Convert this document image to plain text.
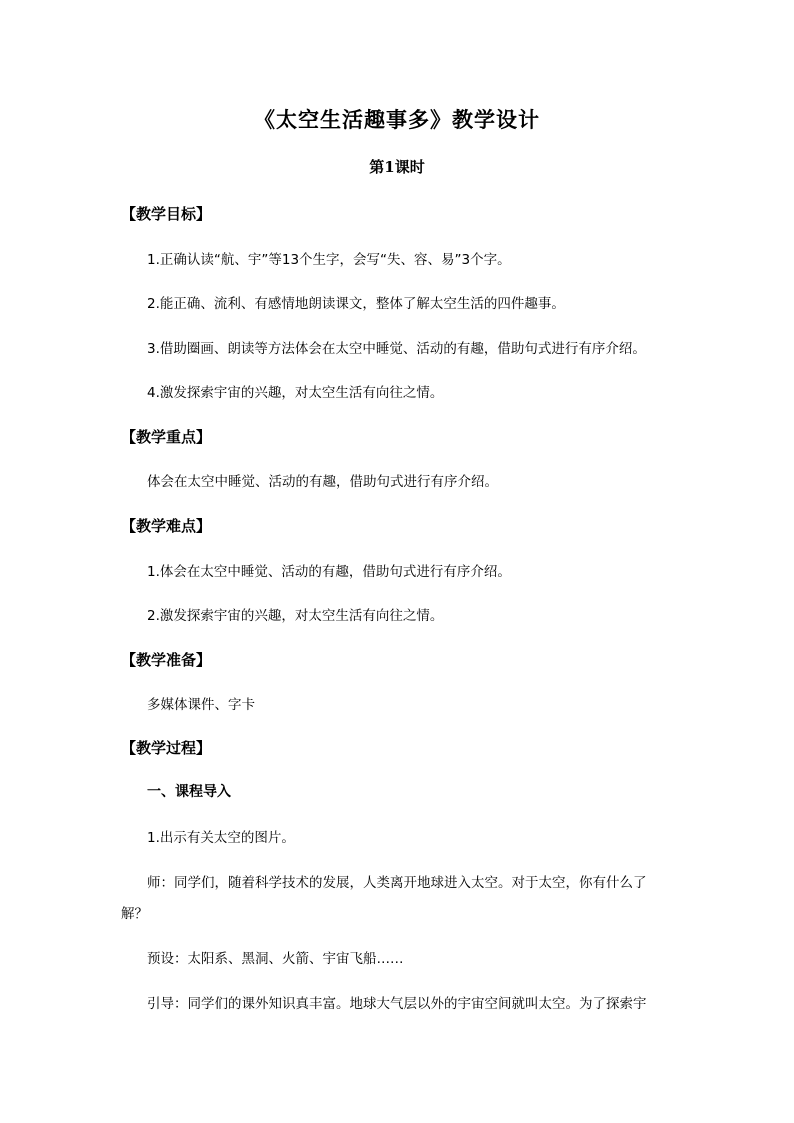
《太空生活趣事多》教学设计
第1课时
【教学目标】
1.正确认读“航、宇”等13个生字，会写“失、容、易”3个字。
2.能正确、流利、有感情地朗读课文，整体了解太空生活的四件趣事。
3.借助圈画、朗读等方法体会在太空中睡觉、活动的有趣，借助句式进行有序介绍。
4.激发探索宇宙的兴趣，对太空生活有向往之情。
【教学重点】
体会在太空中睡觉、活动的有趣，借助句式进行有序介绍。
【教学难点】
1.体会在太空中睡觉、活动的有趣，借助句式进行有序介绍。
2.激发探索宇宙的兴趣，对太空生活有向往之情。
【教学准备】
多媒体课件、字卡
【教学过程】
一、课程导入
1.出示有关太空的图片。
师：同学们，随着科学技术的发展，人类离开地球进入太空。对于太空，你有什么了
解？
预设：太阳系、黑洞、火箭、宇宙飞船……
引导：同学们的课外知识真丰富。地球大气层以外的宇宙空间就叫太空。为了探索宇
